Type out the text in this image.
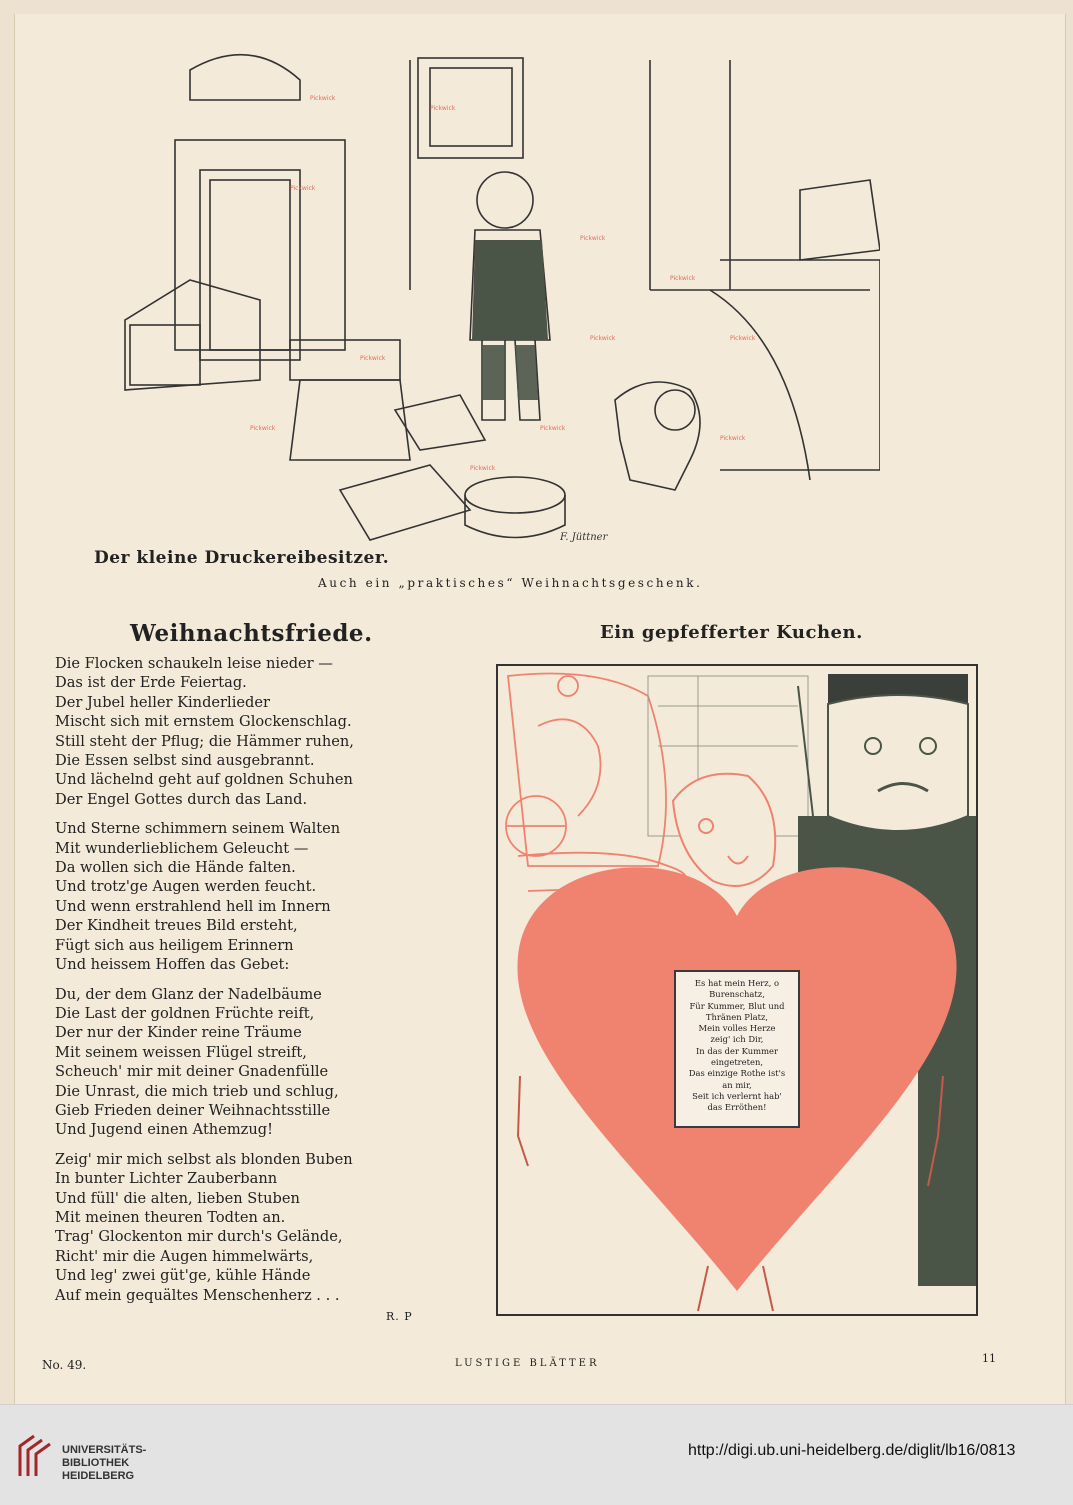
Pickwick
Pickwick
Pickwick
Pickwick
Pickwick
Pickwick
Pickwick	Pickwick
Pickwick
Pickwick
Pickwick
Pickwick
F. Jüttner
Der kleine Druckereibesitzer.
Auch ein „praktisches“ Weihnachtsgeschenk.
Weihnachtsfriede.
Die Flocken schaukeln leise nieder —
Das ist der Erde Feiertag.
Der Jubel heller Kinderlieder
Mischt sich mit ernstem Glockenschlag.
Still steht der Pflug; die Hämmer ruhen,
Die Essen selbst sind ausgebrannt.
Und lächelnd geht auf goldnen Schuhen
Der Engel Gottes durch das Land.
Und Sterne schimmern seinem Walten
Mit wunderlieblichem Geleucht —
Da wollen sich die Hände falten.
Und trotz'ge Augen werden feucht.
Und wenn erstrahlend hell im Innern
Der Kindheit treues Bild ersteht,
Fügt sich aus heiligem Erinnern
Und heissem Hoffen das Gebet:
Du, der dem Glanz der Nadelbäume
Die Last der goldnen Früchte reift,
Der nur der Kinder reine Träume
Mit seinem weissen Flügel streift,
Scheuch' mir mit deiner Gnadenfülle
Die Unrast, die mich trieb und schlug,
Gieb Frieden deiner Weihnachtsstille
Und Jugend einen Athemzug!
Zeig' mir mich selbst als blonden Buben
In bunter Lichter Zauberbann
Und füll' die alten, lieben Stuben
Mit meinen theuren Todten an.
Trag' Glockenton mir durch's Gelände,
Richt' mir die Augen himmelwärts,
Und leg' zwei güt'ge, kühle Hände
Auf mein gequältes Menschenherz . . .
R. P
Ein gepfefferter Kuchen.
Es hat mein Herz, o
Burenschatz,
Für Kummer, Blut und
Thränen Platz,
Mein volles Herze
zeig' ich Dir,
In das der Kummer
eingetreten,
Das einzige Rothe ist's
an mir,
Seit ich verlernt hab'
das Erröthen!
No. 49.	LUSTIGE BLÄTTER	11
UNIVERSITÄTS-
BIBLIOTHEK
HEIDELBERG
http://digi.ub.uni-heidelberg.de/diglit/lb16/0813
